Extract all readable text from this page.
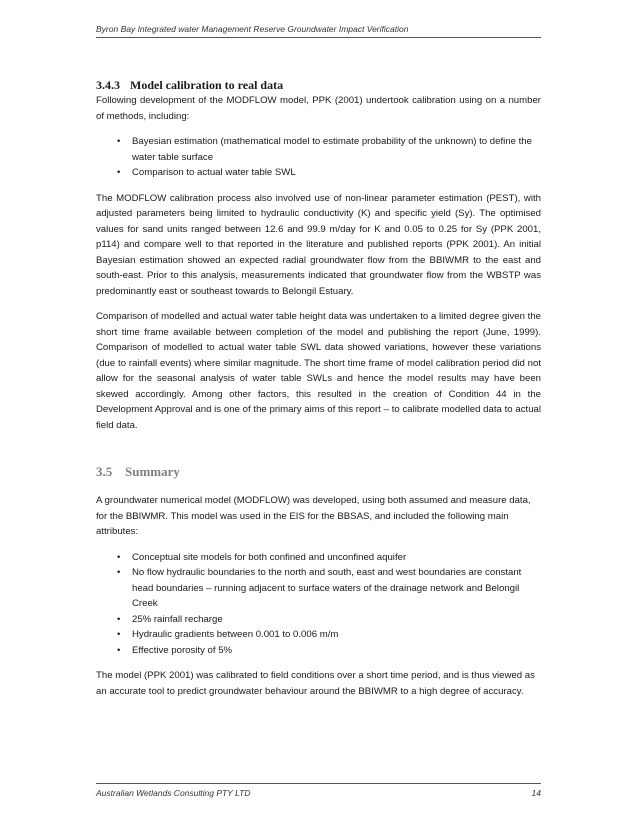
Byron Bay Integrated water Management Reserve Groundwater Impact Verification
3.4.3 Model calibration to real data

Following development of the MODFLOW model, PPK (2001) undertook calibration using on a number of methods, including:

• Bayesian estimation (mathematical model to estimate probability of the unknown) to define the water table surface
• Comparison to actual water table SWL

The MODFLOW calibration process also involved use of non-linear parameter estimation (PEST), with adjusted parameters being limited to hydraulic conductivity (K) and specific yield (Sy). The optimised values for sand units ranged between 12.6 and 99.9 m/day for K and 0.05 to 0.25 for Sy (PPK 2001, p114) and compare well to that reported in the literature and published reports (PPK 2001). An initial Bayesian estimation showed an expected radial groundwater flow from the BBIWMR to the east and south-east. Prior to this analysis, measurements indicated that groundwater flow from the WBSTP was predominantly east or southeast towards to Belongil Estuary.

Comparison of modelled and actual water table height data was undertaken to a limited degree given the short time frame available between completion of the model and publishing the report (June, 1999). Comparison of modelled to actual water table SWL data showed variations, however these variations (due to rainfall events) where similar magnitude. The short time frame of model calibration period did not allow for the seasonal analysis of water table SWLs and hence the model results may have been skewed accordingly. Among other factors, this resulted in the creation of Condition 44 in the Development Approval and is one of the primary aims of this report – to calibrate modelled data to actual field data.

3.5 Summary

A groundwater numerical model (MODFLOW) was developed, using both assumed and measure data, for the BBIWMR. This model was used in the EIS for the BBSAS, and included the following main attributes:

• Conceptual site models for both confined and unconfined aquifer
• No flow hydraulic boundaries to the north and south, east and west boundaries are constant head boundaries – running adjacent to surface waters of the drainage network and Belongil Creek
• 25% rainfall recharge
• Hydraulic gradients between 0.001 to 0.006 m/m
• Effective porosity of 5%

The model (PPK 2001) was calibrated to field conditions over a short time period, and is thus viewed as an accurate tool to predict groundwater behaviour around the BBIWMR to a high degree of accuracy.

Australian Wetlands Consulting PTY LTD	14
